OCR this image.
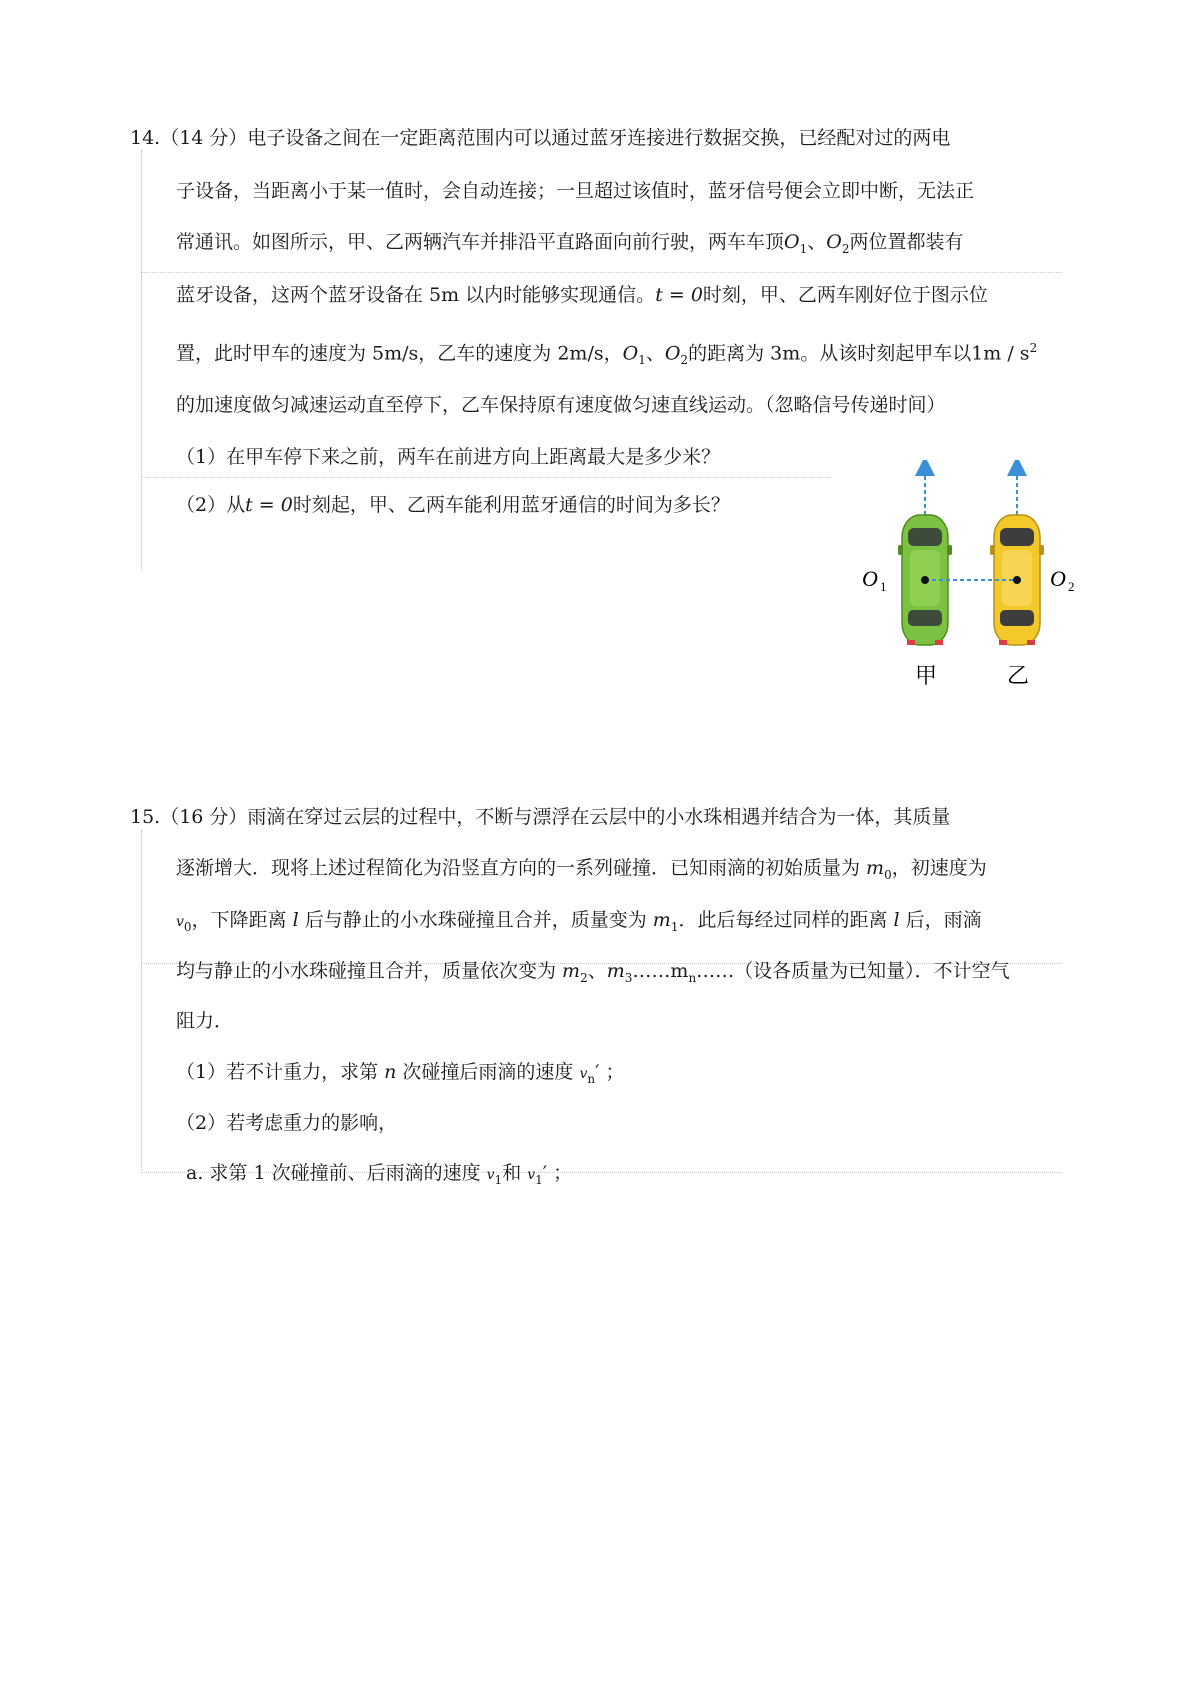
14.（14 分）电子设备之间在一定距离范围内可以通过蓝牙连接进行数据交换，已经配对过的两电
子设备，当距离小于某一值时，会自动连接；一旦超过该值时，蓝牙信号便会立即中断，无法正
常通讯。如图所示，甲、乙两辆汽车并排沿平直路面向前行驶，两车车顶$O_1$、$O_2$两位置都装有
蓝牙设备，这两个蓝牙设备在 5m 以内时能够实现通信。t = 0时刻，甲、乙两车刚好位于图示位
置，此时甲车的速度为 5m/s，乙车的速度为 2m/s，$O_1$、$O_2$的距离为 3m。从该时刻起甲车以$1m / s^2$
的加速度做匀减速运动直至停下，乙车保持原有速度做匀速直线运动。（忽略信号传递时间）
（1）在甲车停下来之前，两车在前进方向上距离最大是多少米？
（2）从t = 0时刻起，甲、乙两车能利用蓝牙通信的时间为多长？
O 1	O 2
甲	乙
15.（16 分）雨滴在穿过云层的过程中，不断与漂浮在云层中的小水珠相遇并结合为一体，其质量
逐渐增大．现将上述过程简化为沿竖直方向的一系列碰撞．已知雨滴的初始质量为 $m_0$，初速度为
$v_0$，下降距离 l 后与静止的小水珠碰撞且合并，质量变为 $m_1$．此后每经过同样的距离 l 后，雨滴
均与静止的小水珠碰撞且合并，质量依次变为 $m_2$、$m_3\dots\dots m_n\dots\dots$（设各质量为已知量）．不计空气
阻力．
（1）若不计重力，求第 n 次碰撞后雨滴的速度 $v_n'$ ；
（2）若考虑重力的影响，
a. 求第 1 次碰撞前、后雨滴的速度 $v_1$和 $v_1'$ ；
